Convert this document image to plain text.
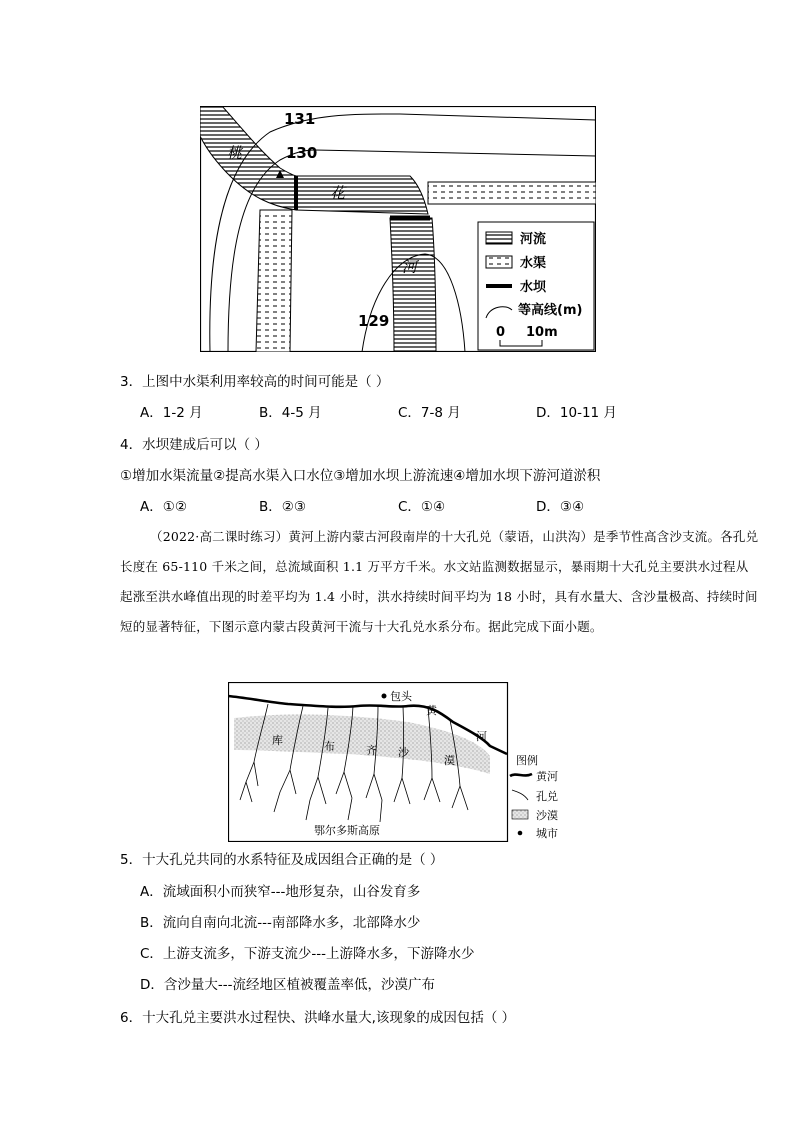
131
130
129
桃
花
河
河流
水渠
水坝
等高线(m)
0 10m
3．上图中水渠利用率较高的时间可能是（ ）
A．1-2 月	B．4-5 月	C．7-8 月	D．10-11 月
4．水坝建成后可以（ ）
①增加水渠流量②提高水渠入口水位③增加水坝上游流速④增加水坝下游河道淤积
A．①②	B．②③	C．①④	D．③④
（2022·高二课时练习）黄河上游内蒙古河段南岸的十大孔兑（蒙语，山洪沟）是季节性高含沙支流。各孔兑长度在 65-110 千米之间，总流域面积 1.1 万平方千米。水文站监测数据显示，暴雨期十大孔兑主要洪水过程从起涨至洪水峰值出现的时差平均为 1.4 小时，洪水持续时间平均为 18 小时，具有水量大、含沙量极高、持续时间短的显著特征，下图示意内蒙古段黄河干流与十大孔兑水系分布。据此完成下面小题。
包头
黄
河
库	布	齐 沙
漠
鄂尔多斯高原
图例
黄河
孔兑
沙漠
城市
5．十大孔兑共同的水系特征及成因组合正确的是（ ）
A．流域面积小而狭窄---地形复杂，山谷发育多
B．流向自南向北流---南部降水多，北部降水少
C．上游支流多，下游支流少---上游降水多，下游降水少
D．含沙量大---流经地区植被覆盖率低，沙漠广布
6．十大孔兑主要洪水过程快、洪峰水量大,该现象的成因包括（ ）
